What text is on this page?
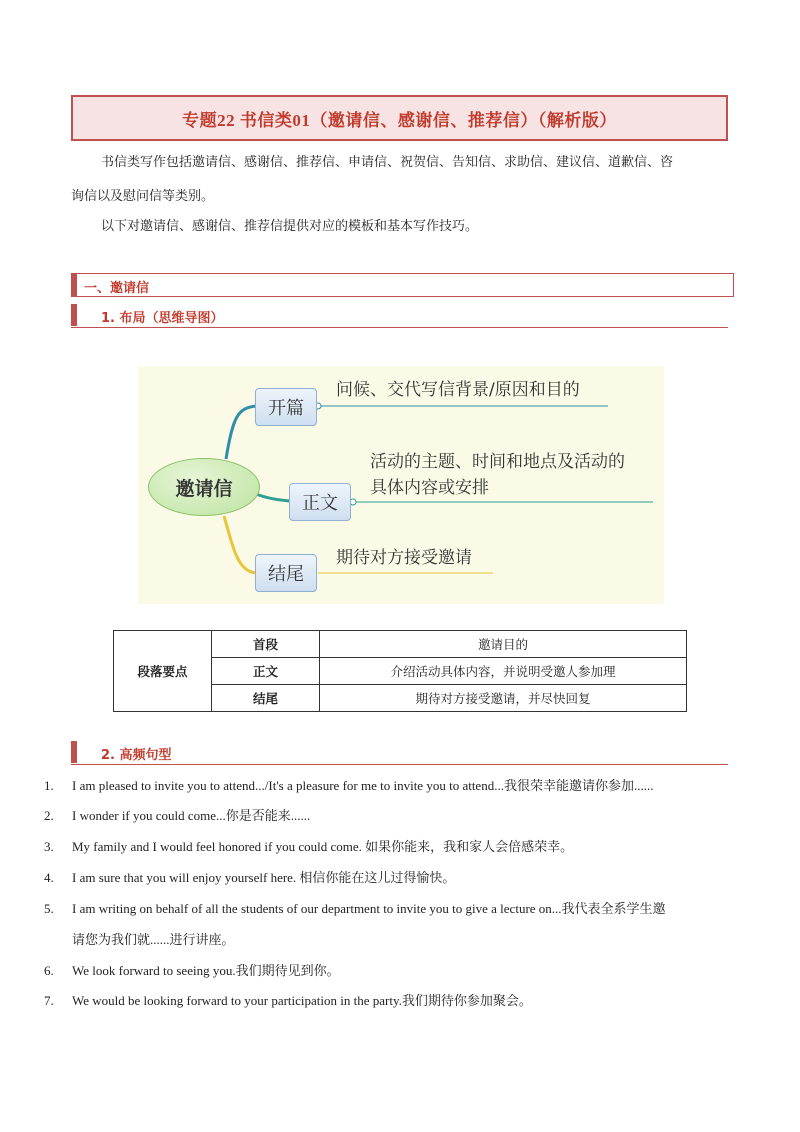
专题22 书信类01（邀请信、感谢信、推荐信）（解析版）
书信类写作包括邀请信、感谢信、推荐信、申请信、祝贺信、告知信、求助信、建议信、道歉信、咨
询信以及慰问信等类别。
以下对邀请信、感谢信、推荐信提供对应的模板和基本写作技巧。
一、邀请信
1. 布局（思维导图）
邀请信
开篇
问候、交代写信背景/原因和目的
正文
活动的主题、时间和地点及活动的
具体内容或安排
结尾
期待对方接受邀请
段落要点	首段	邀请目的
	正文	介绍活动具体内容，并说明受邀人参加理
	结尾	期待对方接受邀请，并尽快回复
2. 高频句型
1.	I am pleased to invite you to attend.../It's a pleasure for me to invite you to attend...我很荣幸能邀请你参加......
2.	I wonder if you could come...你是否能来......
3.	My family and I would feel honored if you could come. 如果你能来，我和家人会倍感荣幸。
4.	I am sure that you will enjoy yourself here. 相信你能在这儿过得愉快。
5.	I am writing on behalf of all the students of our department to invite you to give a lecture on...我代表全系学生邀
请您为我们就......进行讲座。
6.	We look forward to seeing you.我们期待见到你。
7.	We would be looking forward to your participation in the party.我们期待你参加聚会。
